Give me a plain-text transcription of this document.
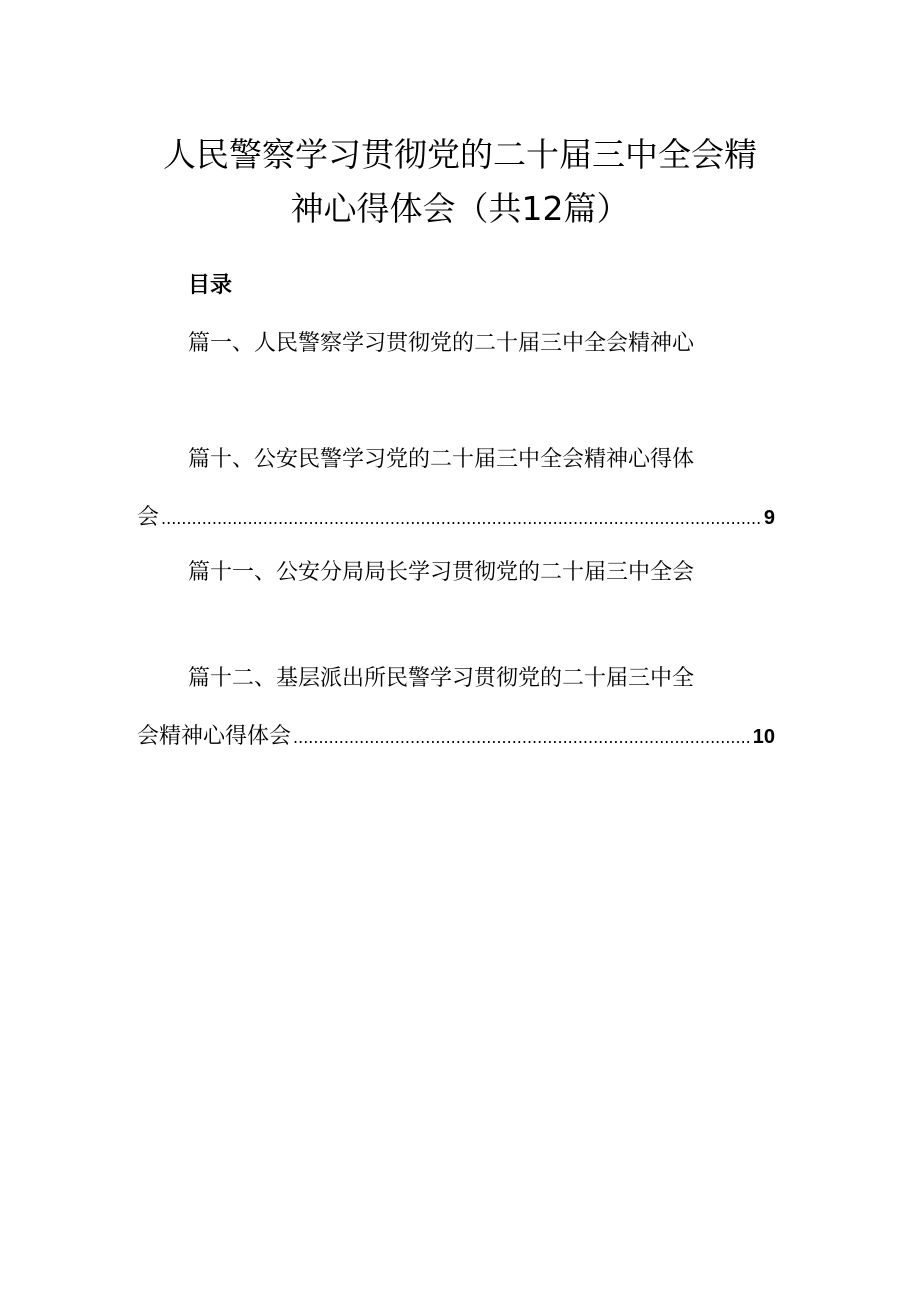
人民警察学习贯彻党的二十届三中全会精
神心得体会（共12篇）
目录
篇一、人民警察学习贯彻党的二十届三中全会精神心
篇十、公安民警学习党的二十届三中全会精神心得体
会 .....	9
篇十一、公安分局局长学习贯彻党的二十届三中全会
篇十二、基层派出所民警学习贯彻党的二十届三中全
会精神心得体会 .....	10
